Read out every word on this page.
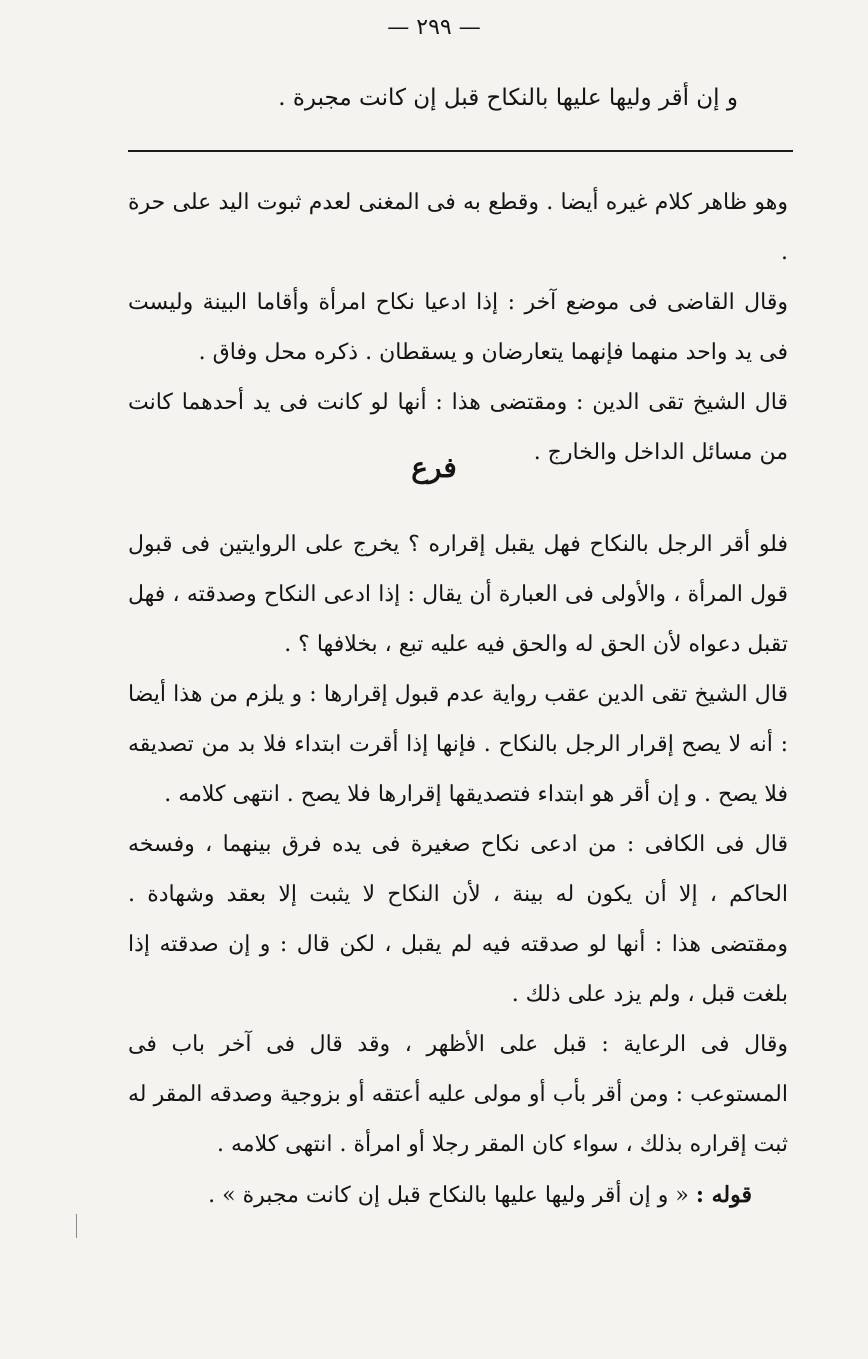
— ٢٩٩ —
و إن أقر وليها عليها بالنكاح قبل إن كانت مجبرة .

وهو ظاهر كلام غيره أيضا . وقطع به فى المغنى لعدم ثبوت اليد على حرة .

وقال القاضى فى موضع آخر : إذا ادعيا نكاح امرأة وأقاما البينة وليست فى يد واحد منهما فإنهما يتعارضان و يسقطان . ذكره محل وفاق .

قال الشيخ تقى الدين : ومقتضى هذا : أنها لو كانت فى يد أحدهما كانت من مسائل الداخل والخارج .

فرع

فلو أقر الرجل بالنكاح فهل يقبل إقراره ؟ يخرج على الروايتين فى قبول قول المرأة ، والأولى فى العبارة أن يقال : إذا ادعى النكاح وصدقته ، فهل تقبل دعواه لأن الحق له والحق فيه عليه تبع ، بخلافها ؟ .

قال الشيخ تقى الدين عقب رواية عدم قبول إقرارها : و يلزم من هذا أيضا : أنه لا يصح إقرار الرجل بالنكاح . فإنها إذا أقرت ابتداء فلا بد من تصديقه فلا يصح . و إن أقر هو ابتداء فتصديقها إقرارها فلا يصح . انتهى كلامه .

قال فى الكافى : من ادعى نكاح صغيرة فى يده فرق بينهما ، وفسخه الحاكم ، إلا أن يكون له بينة ، لأن النكاح لا يثبت إلا بعقد وشهادة . ومقتضى هذا : أنها لو صدقته فيه لم يقبل ، لكن قال : و إن صدقته إذا بلغت قبل ، ولم يزد على ذلك .

وقال فى الرعاية : قبل على الأظهر ، وقد قال فى آخر باب فى المستوعب : ومن أقر بأب أو مولى عليه أعتقه أو بزوجية وصدقه المقر له ثبت إقراره بذلك ، سواء كان المقر رجلا أو امرأة . انتهى كلامه .

قوله : « و إن أقر وليها عليها بالنكاح قبل إن كانت مجبرة » .
